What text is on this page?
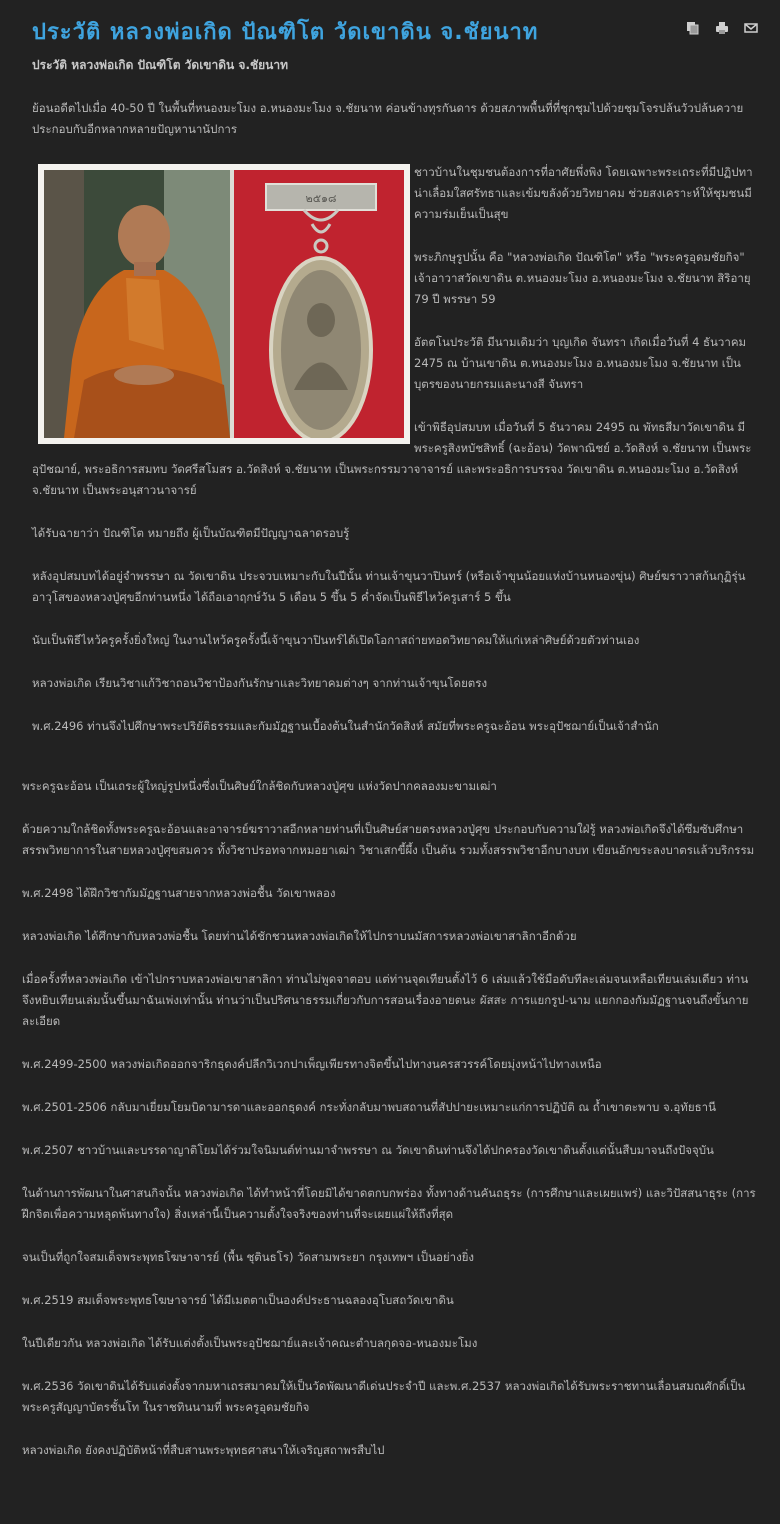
ประวัติ หลวงพ่อเกิด ปัณฑิโต วัดเขาดิน จ.ชัยนาท
ประวัติ หลวงพ่อเกิด ปัณฑิโต วัดเขาดิน จ.ชัยนาท

ย้อนอดีตไปเมื่อ 40-50 ปี ในพื้นที่หนองมะโมง อ.หนองมะโมง จ.ชัยนาท ค่อนข้างทุรกันดาร ด้วยสภาพพื้นที่ที่ชุกชุมไปด้วยชุมโจรปล้นวัวปล้นควาย ประกอบกับอีกหลากหลายปัญหานานัปการ

๒๕๑๘

ชาวบ้านในชุมชนต้องการที่อาศัยพึ่งพิง โดยเฉพาะพระเถระที่มีปฏิปทาน่าเลื่อมใสศรัทธาและเข้มขลังด้วยวิทยาคม ช่วยสงเคราะห์ให้ชุมชนมีความร่มเย็นเป็นสุข

พระภิกษุรูปนั้น คือ "หลวงพ่อเกิด ปัณฑิโต" หรือ "พระครูอุดมชัยกิจ" เจ้าอาวาสวัดเขาดิน ต.หนองมะโมง อ.หนองมะโมง จ.ชัยนาท สิริอายุ 79 ปี พรรษา 59

อัตตโนประวัติ มีนามเดิมว่า บุญเกิด จันทรา เกิดเมื่อวันที่ 4 ธันวาคม 2475 ณ บ้านเขาดิน ต.หนองมะโมง อ.หนองมะโมง จ.ชัยนาท เป็นบุตรของนายกรมและนางสี จันทรา

เข้าพิธีอุปสมบท เมื่อวันที่ 5 ธันวาคม 2495 ณ พัทธสีมาวัดเขาดิน มีพระครูสิงหบัชสิทธิ์ (ฉะอ้อน) วัดพาณิชย์ อ.วัดสิงห์ จ.ชัยนาท เป็นพระอุปัชฌาย์, พระอธิการสมทบ วัดศรีสโมสร อ.วัดสิงห์ จ.ชัยนาท เป็นพระกรรมวาจาจารย์ และพระอธิการบรรจง วัดเขาดิน ต.หนองมะโมง อ.วัดสิงห์ จ.ชัยนาท เป็นพระอนุสาวนาจารย์

ได้รับฉายาว่า ปัณฑิโต หมายถึง ผู้เป็นบัณฑิตมีปัญญาฉลาดรอบรู้

หลังอุปสมบทได้อยู่จำพรรษา ณ วัดเขาดิน ประจวบเหมาะกับในปีนั้น ท่านเจ้าขุนวาปินทร์ (หรือเจ้าขุนน้อยแห่งบ้านหนองขุ่น) ศิษย์ฆราวาสก้นกุฏิรุ่นอาวุโสของหลวงปู่ศุขอีกท่านหนึ่ง ได้ถือเอาฤกษ์วัน 5 เดือน 5 ขึ้น 5 ค่ำจัดเป็นพิธีไหว้ครูเสาร์ 5 ขึ้น

นับเป็นพิธีไหว้ครูครั้งยิ่งใหญ่ ในงานไหว้ครูครั้งนี้เจ้าขุนวาปินทร์ได้เปิดโอกาสถ่ายทอดวิทยาคมให้แก่เหล่าศิษย์ด้วยตัวท่านเอง

หลวงพ่อเกิด เรียนวิชาแก้วิชาถอนวิชาป้องกันรักษาและวิทยาคมต่างๆ จากท่านเจ้าขุนโดยตรง

พ.ศ.2496 ท่านจึงไปศึกษาพระปริยัติธรรมและกัมมัฏฐานเบื้องต้นในสำนักวัดสิงห์ สมัยที่พระครูฉะอ้อน พระอุปัชฌาย์เป็นเจ้าสำนัก

พระครูฉะอ้อน เป็นเถระผู้ใหญ่รูปหนึ่งซึ่งเป็นศิษย์ใกล้ชิดกับหลวงปู่ศุข แห่งวัดปากคลองมะขามเฒ่า

ด้วยความใกล้ชิดทั้งพระครูฉะอ้อนและอาจารย์ฆราวาสอีกหลายท่านที่เป็นศิษย์สายตรงหลวงปู่ศุข ประกอบกับความใฝ่รู้ หลวงพ่อเกิดจึงได้ซึมซับศึกษาสรรพวิทยาการในสายหลวงปู่ศุขสมควร ทั้งวิชาปรอทจากหมอยาเฒ่า วิชาเสกขี้ผึ้ง เป็นต้น รวมทั้งสรรพวิชาอีกบางบท เขียนอักขระลงบาตรแล้วบริกรรม

พ.ศ.2498 ได้ฝึกวิชากัมมัฏฐานสายจากหลวงพ่อชื้น วัดเขาพลอง

หลวงพ่อเกิด ได้ศึกษากับหลวงพ่อชื้น โดยท่านได้ชักชวนหลวงพ่อเกิดให้ไปกราบนมัสการหลวงพ่อเขาสาลิกาอีกด้วย

เมื่อครั้งที่หลวงพ่อเกิด เข้าไปกราบหลวงพ่อเขาสาลิกา ท่านไม่พูดจาตอบ แต่ท่านจุดเทียนตั้งไว้ 6 เล่มแล้วใช้มือดับทีละเล่มจนเหลือเทียนเล่มเดียว ท่านจึงหยิบเทียนเล่มนั้นขึ้นมาฉันเพ่งเท่านั้น ท่านว่าเป็นปริศนาธรรมเกี่ยวกับการสอนเรื่องอายตนะ ผัสสะ การแยกรูป-นาม แยกกองกัมมัฏฐานจนถึงขั้นกายละเอียด

พ.ศ.2499-2500 หลวงพ่อเกิดออกจาริกธุดงค์ปลีกวิเวกปาเพ็ญเพียรทางจิตขึ้นไปทางนครสวรรค์โดยมุ่งหน้าไปทางเหนือ

พ.ศ.2501-2506 กลับมาเยี่ยมโยมบิดามารดาและออกธุดงค์ กระทั่งกลับมาพบสถานที่สัปปายะเหมาะแก่การปฏิบัติ ณ ถ้ำเขาตะพาบ จ.อุทัยธานี

พ.ศ.2507 ชาวบ้านและบรรดาญาติโยมได้ร่วมใจนิมนต์ท่านมาจำพรรษา ณ วัดเขาดินท่านจึงได้ปกครองวัดเขาดินตั้งแต่นั้นสืบมาจนถึงปัจจุบัน

ในด้านการพัฒนาในศาสนกิจนั้น หลวงพ่อเกิด ได้ทำหน้าที่โดยมิได้ขาดตกบกพร่อง ทั้งทางด้านคันถธุระ (การศึกษาและเผยแพร่) และวิปัสสนาธุระ (การฝึกจิตเพื่อความหลุดพ้นทางใจ) สิ่งเหล่านี้เป็นความตั้งใจจริงของท่านที่จะเผยแผ่ให้ถึงที่สุด

จนเป็นที่ถูกใจสมเด็จพระพุทธโฆษาจารย์ (พื้น ชุตินธโร) วัดสามพระยา กรุงเทพฯ เป็นอย่างยิ่ง

พ.ศ.2519 สมเด็จพระพุทธโฆษาจารย์ ได้มีเมตตาเป็นองค์ประธานฉลองอุโบสถวัดเขาดิน

ในปีเดียวกัน หลวงพ่อเกิด ได้รับแต่งตั้งเป็นพระอุปัชฌาย์และเจ้าคณะตำบลกุดจอ-หนองมะโมง

พ.ศ.2536 วัดเขาดินได้รับแต่งตั้งจากมหาเถรสมาคมให้เป็นวัดพัฒนาดีเด่นประจำปี และพ.ศ.2537 หลวงพ่อเกิดได้รับพระราชทานเลื่อนสมณศักดิ์เป็นพระครูสัญญาบัตรชั้นโท ในราชทินนามที่ พระครูอุดมชัยกิจ

หลวงพ่อเกิด ยังคงปฏิบัติหน้าที่สืบสานพระพุทธศาสนาให้เจริญสถาพรสืบไป
